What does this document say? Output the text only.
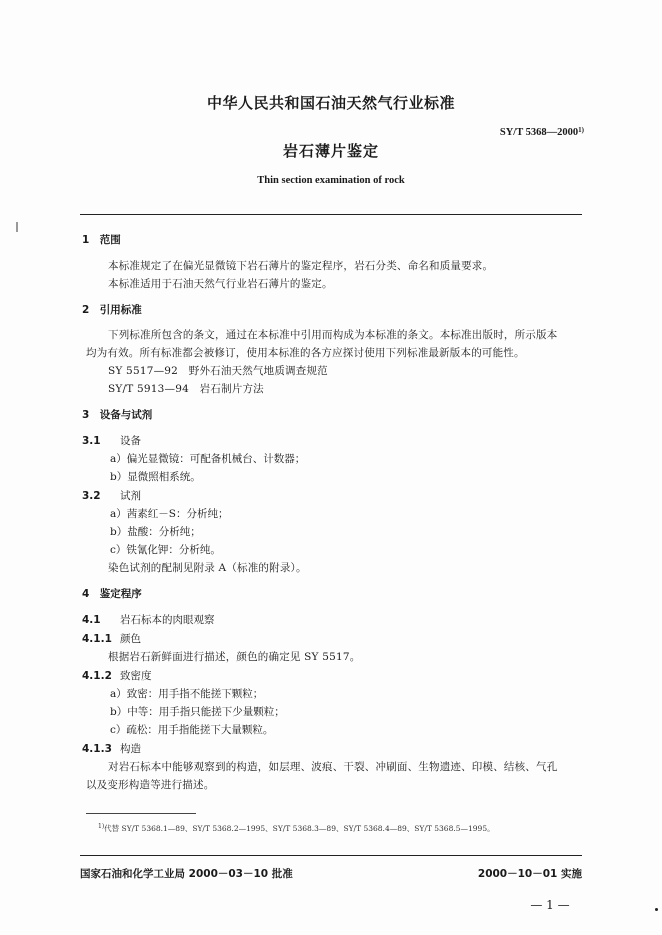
中华人民共和国石油天然气行业标准
SY/T 5368—2000$^{1)}$
岩石薄片鉴定
Thin section examination of rock
1　范围
本标准规定了在偏光显微镜下岩石薄片的鉴定程序，岩石分类、命名和质量要求。
本标准适用于石油天然气行业岩石薄片的鉴定。
2　引用标准
下列标准所包含的条文，通过在本标准中引用而构成为本标准的条文。本标准出版时，所示版本
均为有效。所有标准都会被修订，使用本标准的各方应探讨使用下列标准最新版本的可能性。
SY 5517—92　野外石油天然气地质调查规范
SY/T 5913—94　岩石制片方法
3　设备与试剂
3.1 设备
a）偏光显微镜：可配备机械台、计数器；
b）显微照相系统。
3.2 试剂
a）茜素红－S：分析纯；
b）盐酸：分析纯；
c）铁氰化钾：分析纯。
染色试剂的配制见附录 A（标准的附录）。
4　鉴定程序
4.1 岩石标本的肉眼观察
4.1.1 颜色
根据岩石新鲜面进行描述，颜色的确定见 SY 5517。
4.1.2 致密度
a）致密：用手指不能搓下颗粒；
b）中等：用手指只能搓下少量颗粒；
c）疏松：用手指能搓下大量颗粒。
4.1.3 构造
对岩石标本中能够观察到的构造，如层理、波痕、干裂、冲刷面、生物遗迹、印模、结核、气孔
以及变形构造等进行描述。
$^{1)}$代替 SY/T 5368.1—89、SY/T 5368.2—1995、SY/T 5368.3—89、SY/T 5368.4—89、SY/T 5368.5—1995。
国家石油和化学工业局 2000－03－10 批准	2000－10－01 实施
— 1 —
